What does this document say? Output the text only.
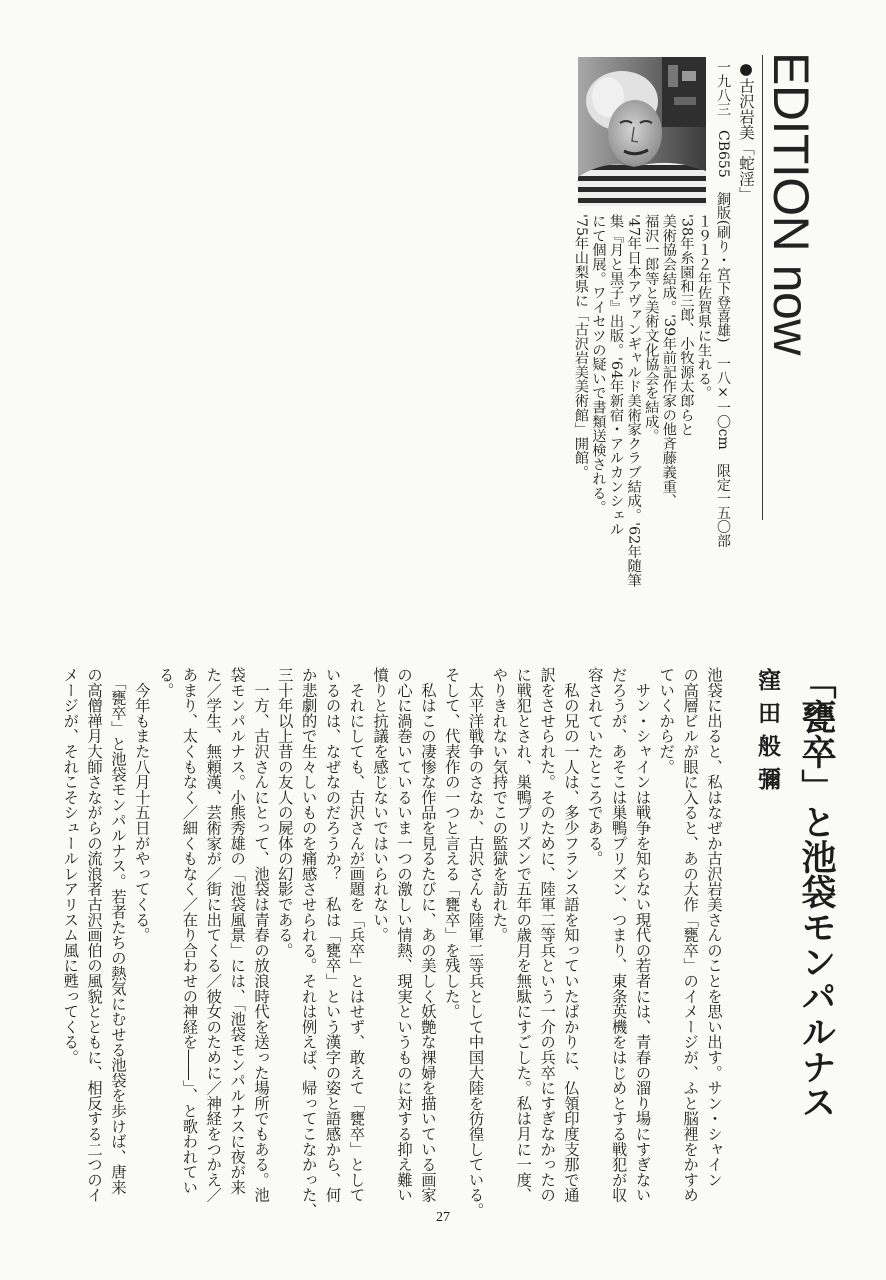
EDITION now
●古沢岩美「蛇淫」
一九八三　CB655　銅版(刷り・宮下登喜雄)　一八×一〇cm　限定一五〇部
１９１２年佐賀県に生れる。
'38年糸園和三郎、小牧源太郎らと
美術協会結成。'39年前記作家の他斉藤義重、
福沢一郎等と美術文化協会を結成。
'47年日本アヴァンギャルド美術家クラブ結成。'62年随筆
集『月と黒子』出版。'64年新宿・アルカンシェル
にて個展。ワイセツの疑いで書類送検される。
'75年山梨県に「古沢岩美美術館」開館。
「甕卒」と池袋モンパルナス
窪田般彌
池袋に出ると、私はなぜか古沢岩美さんのことを思い出す。サン・シャイン
の高層ビルが眼に入ると、あの大作「甕卒」のイメージが、ふと脳裡をかすめ
ていくからだ。
　サン・シャインは戦争を知らない現代の若者には、青春の溜り場にすぎない
だろうが、あそこは巣鴨プリズン、つまり、東条英機をはじめとする戦犯が収
容されていたところである。
　私の兄の一人は、多少フランス語を知っていたばかりに、仏領印度支那で通
訳をさせられた。そのために、陸軍二等兵という一介の兵卒にすぎなかったの
に戦犯とされ、巣鴨プリズンで五年の歳月を無駄にすごした。私は月に一度、
やりきれない気持でこの監獄を訪れた。
　太平洋戦争のさなか、古沢さんも陸軍二等兵として中国大陸を彷徨している。
そして、代表作の一つと言える「甕卒」を残した。
　私はこの凄惨な作品を見るたびに、あの美しく妖艶な裸婦を描いている画家
の心に渦巻いているいま一つの激しい情熱、現実というものに対する抑え難い
憤りと抗議を感じないではいられない。
　それにしても、古沢さんが画題を「兵卒」とはせず、敢えて「甕卒」として
いるのは、なぜなのだろうか？　私は「甕卒」という漢字の姿と語感から、何
か悲劇的で生々しいものを痛感させられる。それは例えば、帰ってこなかった、
三十年以上昔の友人の屍体の幻影である。
　一方、古沢さんにとって、池袋は青春の放浪時代を送った場所でもある。池
袋モンパルナス。小熊秀雄の「池袋風景」には、「池袋モンパルナスに夜が来
た／学生、無頼漢、芸術家が／街に出てくる／彼女のために／神経をつかえ／
あまり、太くもなく／細くもなく／在り合わせの神経を――」、と歌われてい
る。
　今年もまた八月十五日がやってくる。
　「甕卒」と池袋モンパルナス。若者たちの熱気にむせる池袋を歩けば、唐来
の高僧禅月大師さながらの流浪者古沢画伯の風貌とともに、相反する二つのイ
メージが、それこそシュールレアリスム風に甦ってくる。
27
